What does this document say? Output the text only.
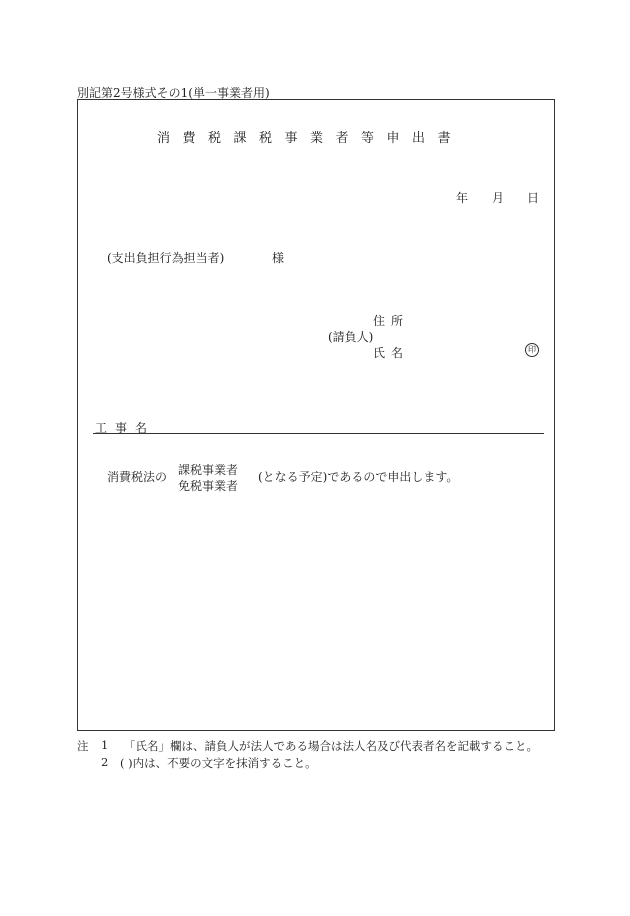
別記第2号様式その1(単一事業者用)
消費税課税事業者等申出書
年 月 日
(支出負担行為担当者)	様
住所
(請負人)
氏名	印
工事名
消費税法の 課税事業者
免税事業者
(となる予定)であるので申出します。
注 1 「氏名」欄は、請負人が法人である場合は法人名及び代表者名を記載すること。
2 ( )内は、不要の文字を抹消すること。
